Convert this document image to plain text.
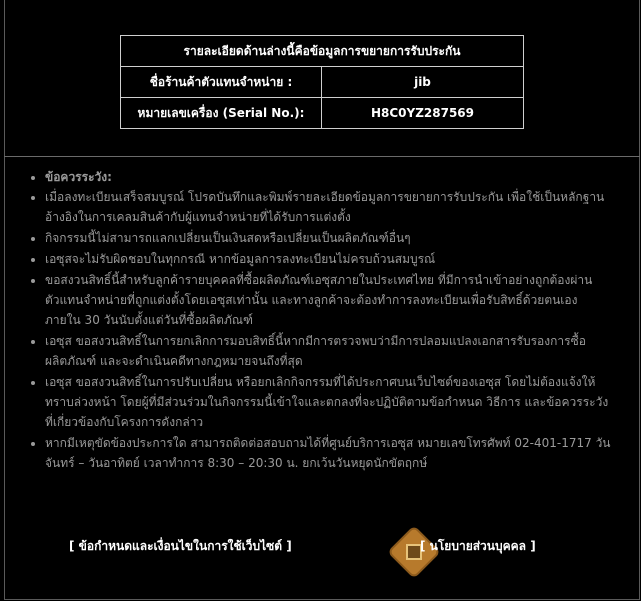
รายละเอียดด้านล่างนี้คือข้อมูลการขยายการรับประกัน	
ชื่อร้านค้าตัวแทนจำหน่าย :	jib
หมายเลขเครื่อง (Serial No.):	H8C0YZ287569
• ข้อควรระวัง:
• เมื่อลงทะเบียนเสร็จสมบูรณ์ โปรดบันทึกและพิมพ์รายละเอียดข้อมูลการขยายการรับประกัน เพื่อใช้เป็นหลักฐานอ้างอิงในการเคลมสินค้ากับผู้แทนจำหน่ายที่ได้รับการแต่งตั้ง
• กิจกรรมนี้ไม่สามารถแลกเปลี่ยนเป็นเงินสดหรือเปลี่ยนเป็นผลิตภัณฑ์อื่นๆ
• เอซุสจะไม่รับผิดชอบในทุกกรณี หากข้อมูลการลงทะเบียนไม่ครบถ้วนสมบูรณ์
• ขอสงวนสิทธิ์นี้สำหรับลูกค้ารายบุคคลที่ซื้อผลิตภัณฑ์เอซุสภายในประเทศไทย ที่มีการนำเข้าอย่างถูกต้องผ่านตัวแทนจำหน่ายที่ถูกแต่งตั้งโดยเอซุสเท่านั้น และทางลูกค้าจะต้องทำการลงทะเบียนเพื่อรับสิทธิ์ด้วยตนเองภายใน 30 วันนับตั้งแต่วันที่ซื้อผลิตภัณฑ์
• เอซุส ขอสงวนสิทธิ์ในการยกเลิกการมอบสิทธิ์นี้หากมีการตรวจพบว่ามีการปลอมแปลงเอกสารรับรองการซื้อผลิตภัณฑ์ และจะดำเนินคดีทางกฎหมายจนถึงที่สุด
• เอซุส ขอสงวนสิทธิ์ในการปรับเปลี่ยน หรือยกเลิกกิจกรรมที่ได้ประกาศบนเว็บไซต์ของเอซุส โดยไม่ต้องแจ้งให้ทราบล่วงหน้า โดยผู้ที่มีส่วนร่วมในกิจกรรมนี้เข้าใจและตกลงที่จะปฏิบัติตามข้อกำหนด วิธีการ และข้อควรระวังที่เกี่ยวข้องกับโครงการดังกล่าว
• หากมีเหตุขัดข้องประการใด สามารถติดต่อสอบถามได้ที่ศูนย์บริการเอซุส หมายเลขโทรศัพท์ 02-401-1717 วันจันทร์ – วันอาทิตย์ เวลาทำการ 8:30 – 20:30 น. ยกเว้นวันหยุดนักขัตฤกษ์
[ ข้อกำหนดและเงื่อนไขในการใช้เว็บไซต์ ]	[ นโยบายส่วนบุคคล ]
